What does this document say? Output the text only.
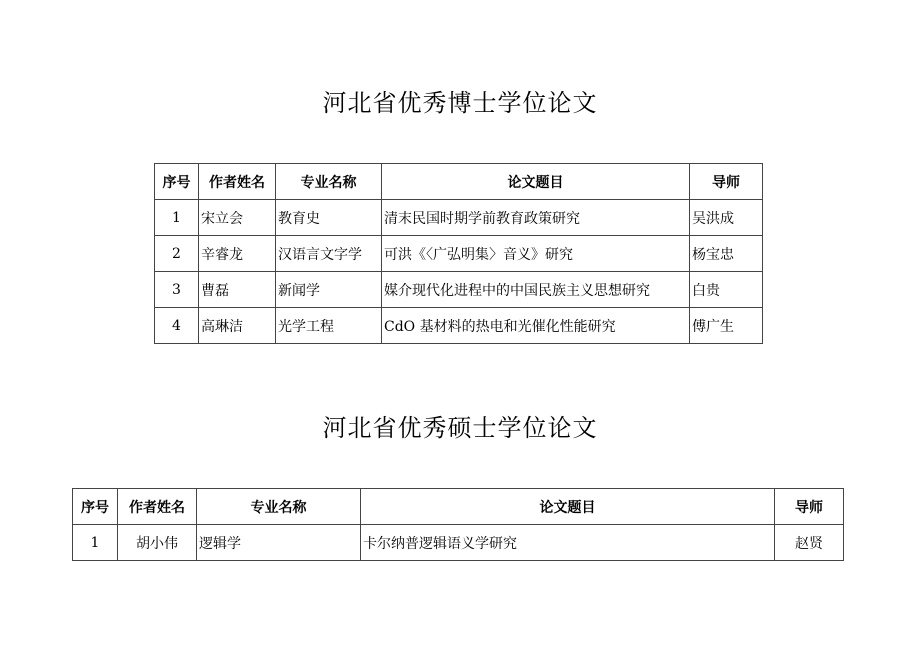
河北省优秀博士学位论文
序号	作者姓名	专业名称	论文题目	导师
1	宋立会	教育史	清末民国时期学前教育政策研究	吴洪成
2	辛睿龙	汉语言文字学	可洪《〈广弘明集〉音义》研究	杨宝忠
3	曹磊	新闻学	媒介现代化进程中的中国民族主义思想研究	白贵
4	高琳洁	光学工程	CdO 基材料的热电和光催化性能研究	傅广生
河北省优秀硕士学位论文
序号	作者姓名	专业名称	论文题目	导师
1	胡小伟	逻辑学	卡尔纳普逻辑语义学研究	赵贤
